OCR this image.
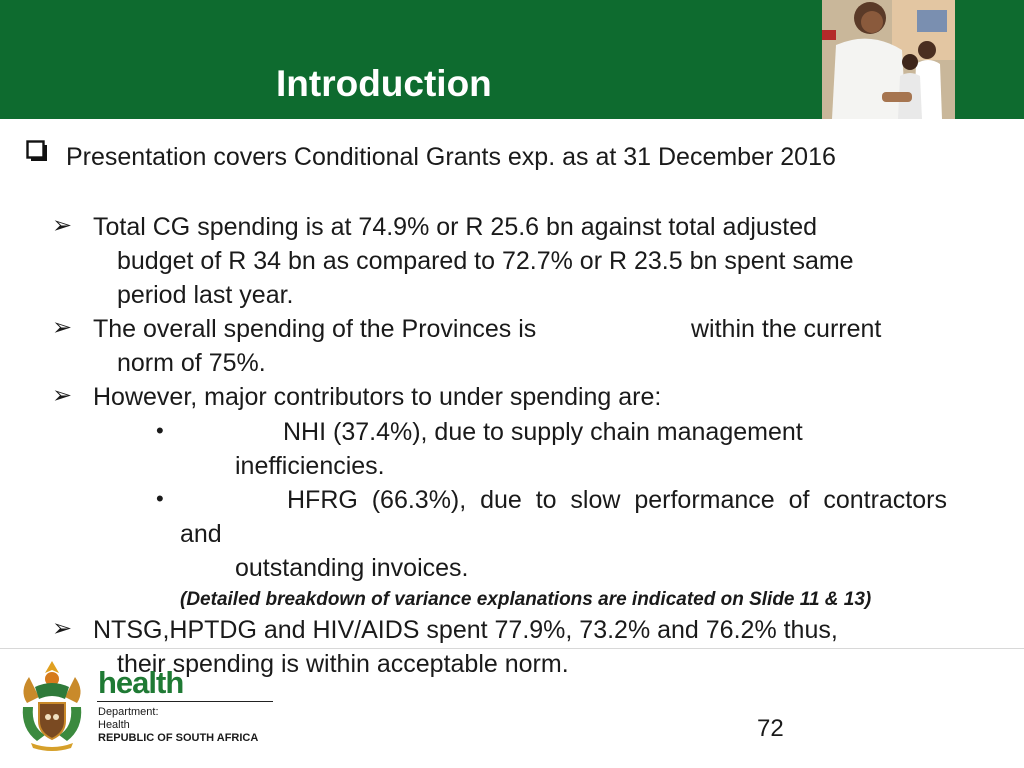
Introduction
Presentation covers Conditional Grants exp. as at 31 December 2016
➢ Total CG spending is at 74.9% or R 25.6 bn against total adjusted
budget of R 34 bn as compared to 72.7% or R 23.5 bn spent same
period last year.
➢ The overall spending of the Provinces is	within the current
norm of 75%.
➢ However, major contributors to under spending are:
•	NHI (37.4%), due to supply chain management
inefficiencies.
•	HFRG  (66.3%),  due  to  slow  performance  of  contractors
and
outstanding invoices.
(Detailed breakdown of variance explanations are indicated on Slide 11 & 13)
➢ NTSG,HPTDG and HIV/AIDS spent 77.9%, 73.2% and 76.2% thus,
their spending is within acceptable norm.
health
Department:
Health
REPUBLIC OF SOUTH AFRICA	72
